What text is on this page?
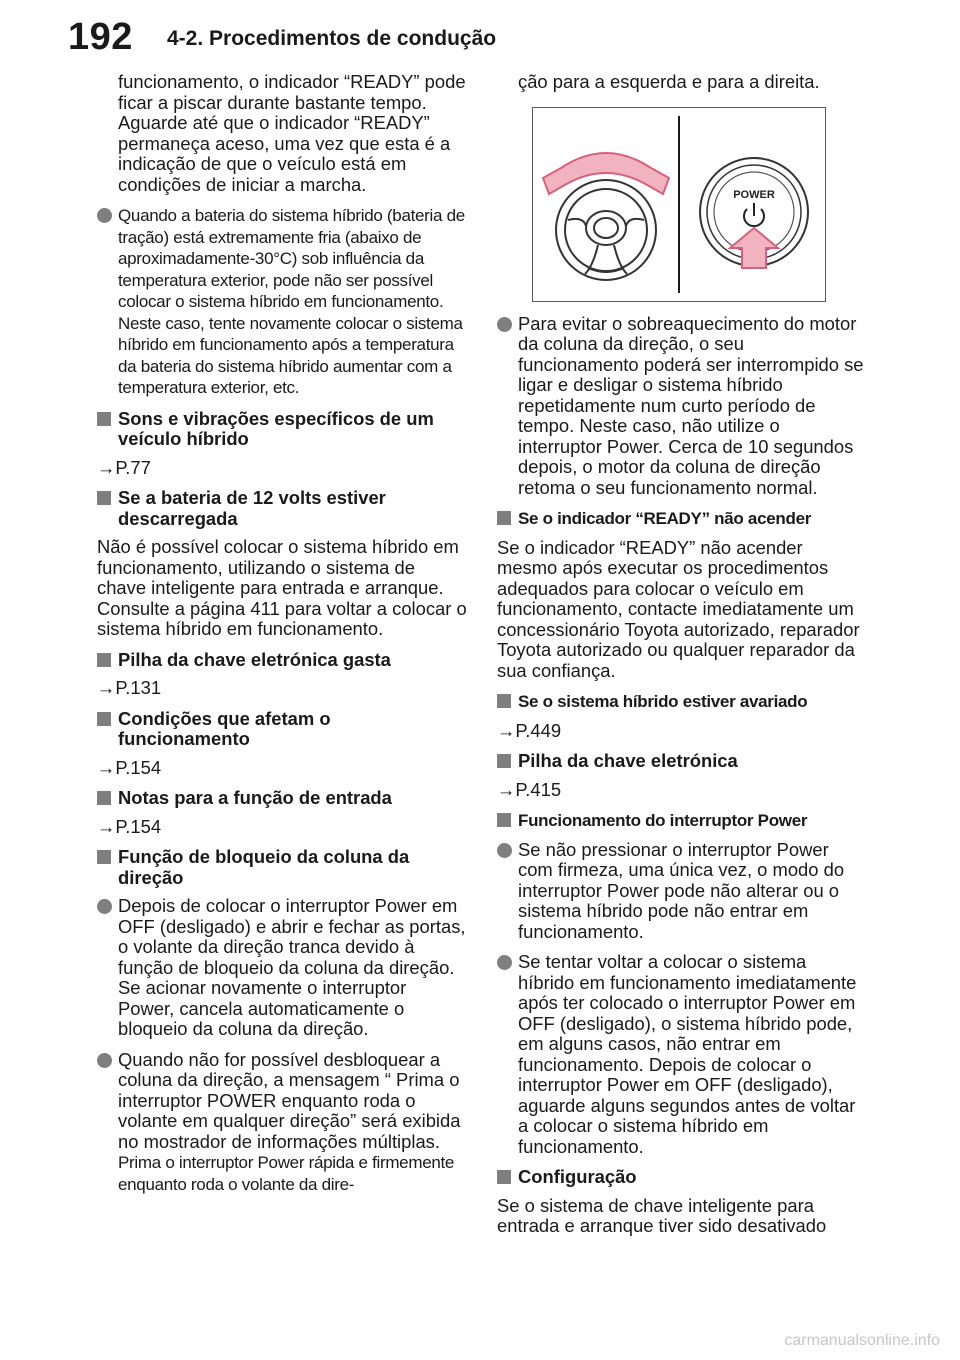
192 4-2. Procedimentos de condução

funcionamento, o indicador “READY” pode ficar a piscar durante bastante tempo. Aguarde até que o indicador “READY” permaneça aceso, uma vez que esta é a indicação de que o veículo está em condições de iniciar a marcha.

Quando a bateria do sistema híbrido (bateria de tração) está extremamente fria (abaixo de aproximadamente-30°C) sob influência da temperatura exterior, pode não ser possível colocar o sistema híbrido em funcionamento. Neste caso, tente novamente colocar o sistema híbrido em funcionamento após a temperatura da bateria do sistema híbrido aumentar com a temperatura exterior, etc.
Sons e vibrações específicos de um veículo híbrido
→P.77
Se a bateria de 12 volts estiver descarregada
Não é possível colocar o sistema híbrido em funcionamento, utilizando o sistema de chave inteligente para entrada e arranque. Consulte a página 411 para voltar a colocar o sistema híbrido em funcionamento.
Pilha da chave eletrónica gasta
→P.131
Condições que afetam o funcionamento
→P.154
Notas para a função de entrada
→P.154
Função de bloqueio da coluna da direção
Depois de colocar o interruptor Power em OFF (desligado) e abrir e fechar as portas, o volante da direção tranca devido à função de bloqueio da coluna da direção. Se acionar novamente o interruptor Power, cancela automaticamente o bloqueio da coluna da direção.
Quando não for possível desbloquear a coluna da direção, a mensagem “ Prima o interruptor POWER enquanto roda o volante em qualquer direção” será exibida no mostrador de informações múltiplas.
Prima o interruptor Power rápida e firmemente enquanto roda o volante da dire-

ção para a esquerda e para a direita.

POWER
Para evitar o sobreaquecimento do motor da coluna da direção, o seu funcionamento poderá ser interrompido se ligar e desligar o sistema híbrido repetidamente num curto período de tempo. Neste caso, não utilize o interruptor Power. Cerca de 10 segundos depois, o motor da coluna de direção retoma o seu funcionamento normal.
Se o indicador “READY” não acender
Se o indicador “READY” não acender mesmo após executar os procedimentos adequados para colocar o veículo em funcionamento, contacte imediatamente um concessionário Toyota autorizado, reparador Toyota autorizado ou qualquer reparador da sua confiança.
Se o sistema híbrido estiver avariado
→P.449
Pilha da chave eletrónica
→P.415
Funcionamento do interruptor Power
Se não pressionar o interruptor Power com firmeza, uma única vez, o modo do interruptor Power pode não alterar ou o sistema híbrido pode não entrar em funcionamento.
Se tentar voltar a colocar o sistema híbrido em funcionamento imediatamente após ter colocado o interruptor Power em OFF (desligado), o sistema híbrido pode, em alguns casos, não entrar em funcionamento. Depois de colocar o interruptor Power em OFF (desligado), aguarde alguns segundos antes de voltar a colocar o sistema híbrido em funcionamento.
Configuração
Se o sistema de chave inteligente para entrada e arranque tiver sido desativado
carmanualsonline.info
